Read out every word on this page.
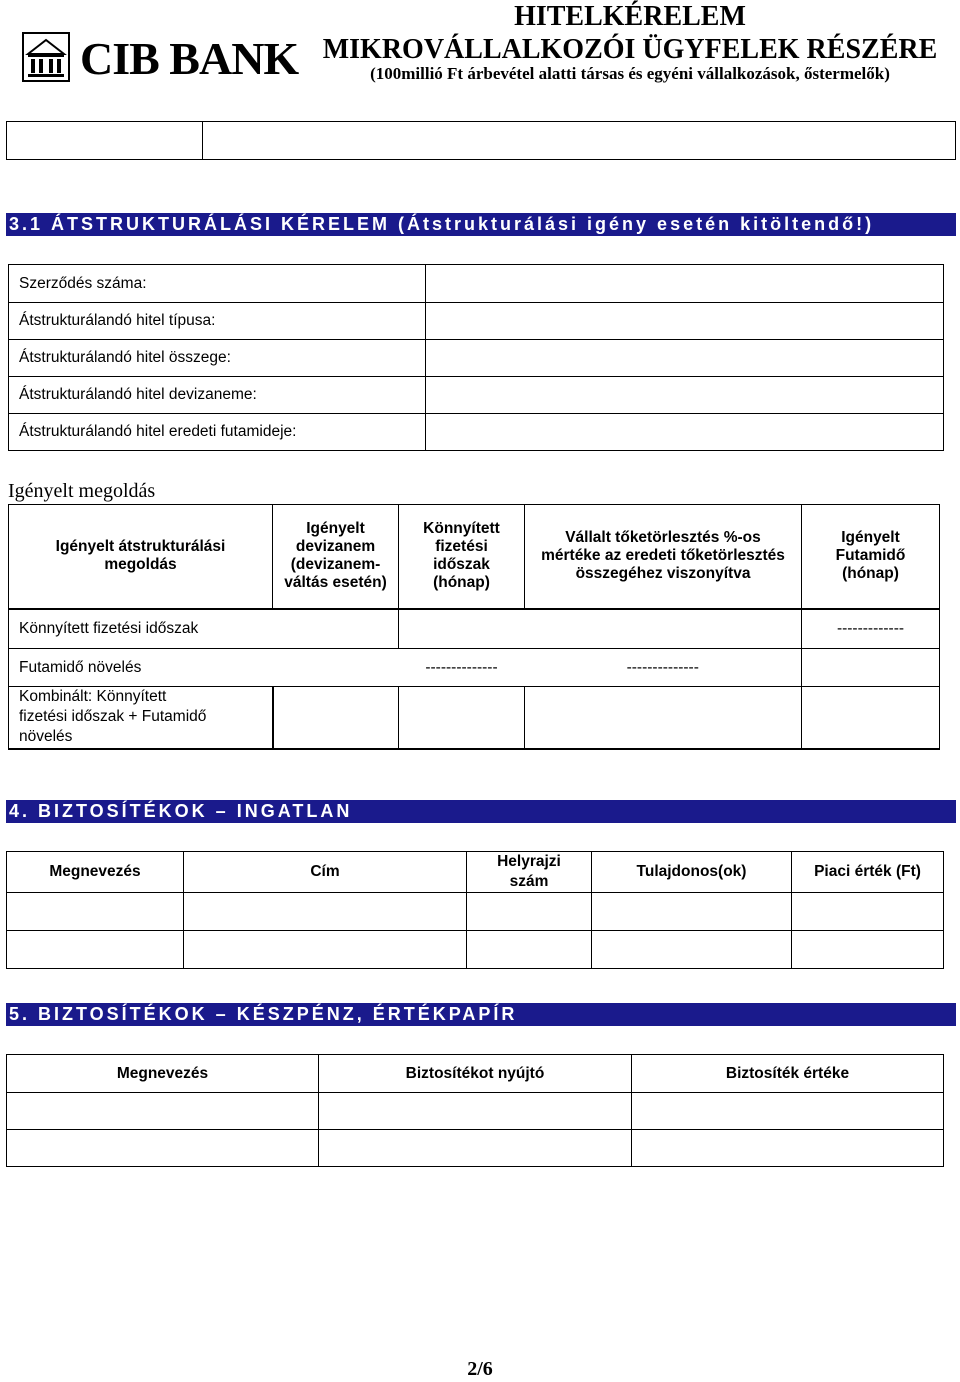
CIB BANK
HITELKÉRELEM
MIKROVÁLLALKOZÓI ÜGYFELEK RÉSZÉRE
(100millió Ft árbevétel alatti társas és egyéni vállalkozások, őstermelők)
3.1 ÁTSTRUKTURÁLÁSI KÉRELEM (Átstrukturálási igény esetén kitöltendő!)
Szerződés száma:	
Átstrukturálandó hitel típusa:	
Átstrukturálandó hitel összege:	
Átstrukturálandó hitel devizaneme:	
Átstrukturálandó hitel eredeti futamideje:	
Igényelt megoldás
Igényelt átstrukturálási megoldás	Igényelt devizanem (devizanem-váltás esetén)	Könnyített fizetési időszak (hónap)	Vállalt tőketörlesztés %-os mértéke az eredeti tőketörlesztés összegéhez viszonyítva	Igényelt Futamidő (hónap)
Könnyített fizetési időszak				-------------
Futamidő növelés		--------------	--------------	
Kombinált: Könnyített fizetési időszak + Futamidő növelés				
4. BIZTOSÍTÉKOK – INGATLAN
Megnevezés	Cím	Helyrajzi szám	Tulajdonos(ok)	Piaci érték (Ft)

5. BIZTOSÍTÉKOK – KÉSZPÉNZ, ÉRTÉKPAPÍR
Megnevezés	Biztosítékot nyújtó	Biztosíték értéke

2/6
